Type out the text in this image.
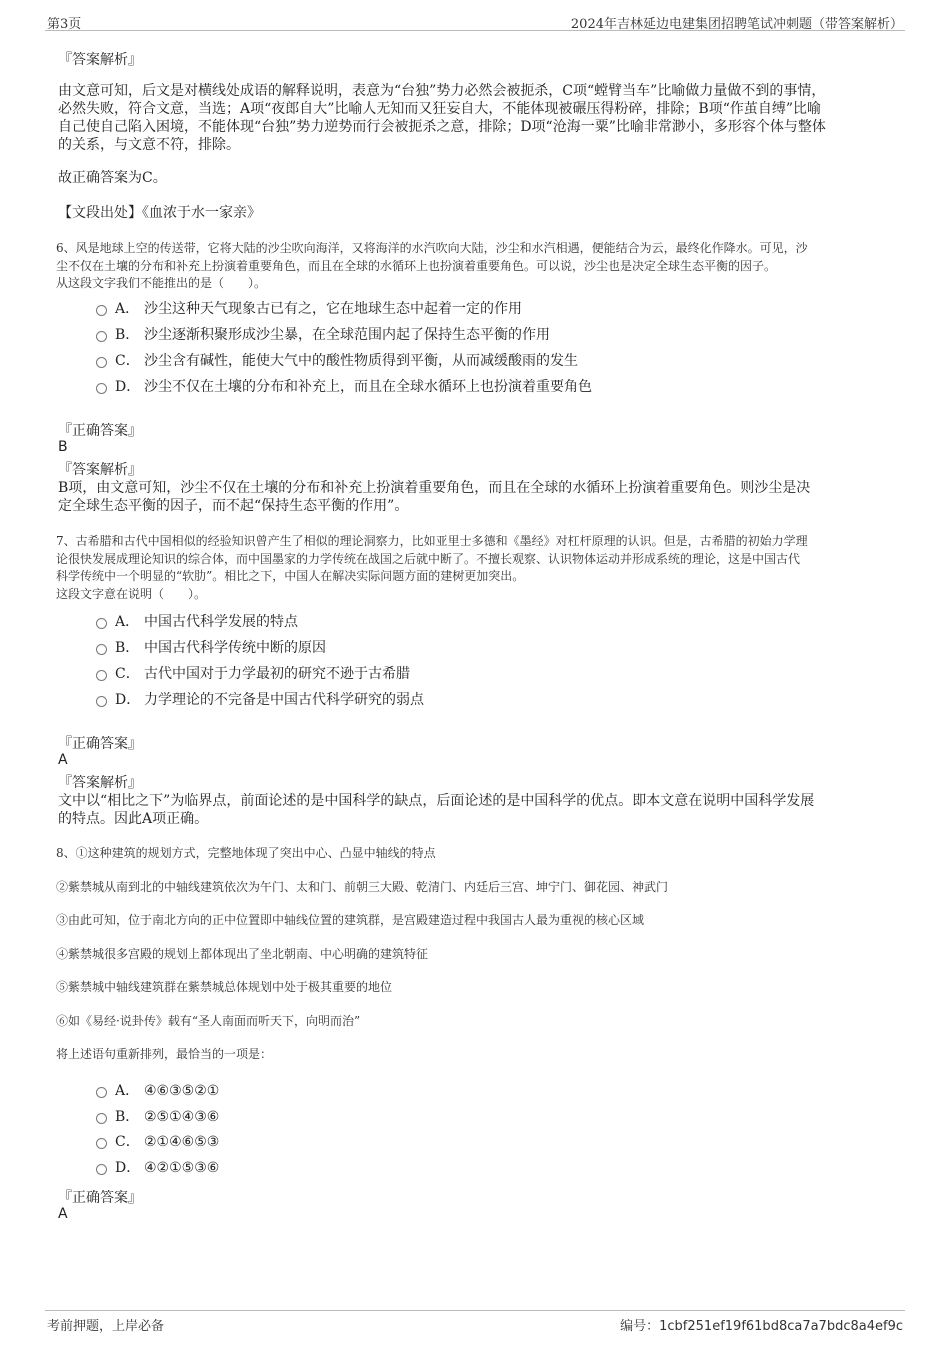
第3页	2024年吉林延边电建集团招聘笔试冲刺题（带答案解析）
『答案解析』
由文意可知，后文是对横线处成语的解释说明，表意为“台独”势力必然会被扼杀，C项“螳臂当车”比喻做力量做不到的事情，
必然失败，符合文意，当选；A项“夜郎自大”比喻人无知而又狂妄自大，不能体现被碾压得粉碎，排除；B项“作茧自缚”比喻
自己使自己陷入困境，不能体现“台独”势力逆势而行会被扼杀之意，排除；D项“沧海一粟”比喻非常渺小，多形容个体与整体
的关系，与文意不符，排除。
故正确答案为C。
【文段出处】《血浓于水一家亲》
6、风是地球上空的传送带，它将大陆的沙尘吹向海洋，又将海洋的水汽吹向大陆，沙尘和水汽相遇，便能结合为云，最终化作降水。可见，沙
尘不仅在土壤的分布和补充上扮演着重要角色，而且在全球的水循环上也扮演着重要角色。可以说，沙尘也是决定全球生态平衡的因子。
从这段文字我们不能推出的是（　　）。
A． 沙尘这种天气现象古已有之，它在地球生态中起着一定的作用
B． 沙尘逐渐积聚形成沙尘暴，在全球范围内起了保持生态平衡的作用
C． 沙尘含有碱性，能使大气中的酸性物质得到平衡，从而减缓酸雨的发生
D． 沙尘不仅在土壤的分布和补充上，而且在全球水循环上也扮演着重要角色
『正确答案』
B
『答案解析』
B项，由文意可知，沙尘不仅在土壤的分布和补充上扮演着重要角色，而且在全球的水循环上扮演着重要角色。则沙尘是决
定全球生态平衡的因子，而不起“保持生态平衡的作用”。
7、古希腊和古代中国相似的经验知识曾产生了相似的理论洞察力，比如亚里士多德和《墨经》对杠杆原理的认识。但是，古希腊的初始力学理
论很快发展成理论知识的综合体，而中国墨家的力学传统在战国之后就中断了。不擅长观察、认识物体运动并形成系统的理论，这是中国古代
科学传统中一个明显的“软肋”。相比之下，中国人在解决实际问题方面的建树更加突出。
这段文字意在说明（　　）。
A． 中国古代科学发展的特点
B． 中国古代科学传统中断的原因
C． 古代中国对于力学最初的研究不逊于古希腊
D． 力学理论的不完备是中国古代科学研究的弱点
『正确答案』
A
『答案解析』
文中以“相比之下”为临界点，前面论述的是中国科学的缺点，后面论述的是中国科学的优点。即本文意在说明中国科学发展
的特点。因此A项正确。
8、①这种建筑的规划方式，完整地体现了突出中心、凸显中轴线的特点
②紫禁城从南到北的中轴线建筑依次为午门、太和门、前朝三大殿、乾清门、内廷后三宫、坤宁门、御花园、神武门
③由此可知，位于南北方向的正中位置即中轴线位置的建筑群，是宫殿建造过程中我国古人最为重视的核心区域
④紫禁城很多宫殿的规划上都体现出了坐北朝南、中心明确的建筑特征
⑤紫禁城中轴线建筑群在紫禁城总体规划中处于极其重要的地位
⑥如《易经·说卦传》载有“圣人南面而听天下，向明而治”
将上述语句重新排列，最恰当的一项是：
A． ④⑥③⑤②①
B． ②⑤①④③⑥
C． ②①④⑥⑤③
D． ④②①⑤③⑥
『正确答案』
A
考前押题，上岸必备	编号：1cbf251ef19f61bd8ca7a7bdc8a4ef9c
